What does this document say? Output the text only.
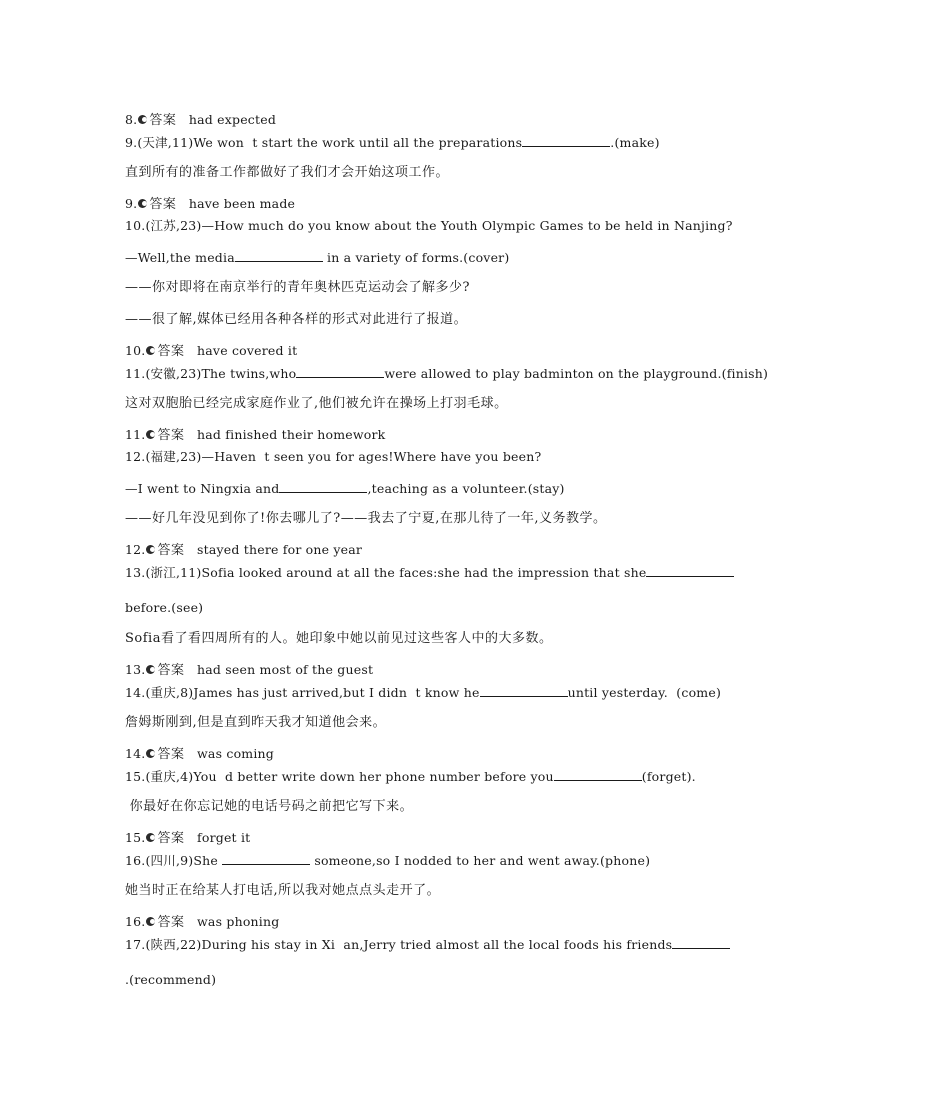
8. 答案 had expected
9.(天津,11)We won  t start the work until all the preparations	.(make)
直到所有的准备工作都做好了我们才会开始这项工作。
9. 答案 have been made
10.(江苏,23)—How much do you know about the Youth Olympic Games to be held in Nanjing?
—Well,the media	in a variety of forms.(cover)
——你对即将在南京举行的青年奥林匹克运动会了解多少?
——很了解,媒体已经用各种各样的形式对此进行了报道。
10. 答案 have covered it
11.(安徽,23)The twins,who	were allowed to play badminton on the playground.(finish)
这对双胞胎已经完成家庭作业了,他们被允许在操场上打羽毛球。
11. 答案 had finished their homework
12.(福建,23)—Haven  t seen you for ages!Where have you been?
—I went to Ningxia and	,teaching as a volunteer.(stay)
——好几年没见到你了!你去哪儿了?——我去了宁夏,在那儿待了一年,义务教学。
12. 答案 stayed there for one year
13.(浙江,11)Sofia looked around at all the faces:she had the impression that she
before.(see)
Sofia看了看四周所有的人。她印象中她以前见过这些客人中的大多数。
13. 答案 had seen most of the guest
14.(重庆,8)James has just arrived,but I didn  t know he	until yesterday.  (come)
詹姆斯刚到,但是直到昨天我才知道他会来。
14. 答案 was coming
15.(重庆,4)You  d better write down her phone number before you	(forget).
你最好在你忘记她的电话号码之前把它写下来。
15. 答案 forget it
16.(四川,9)She	someone,so I nodded to her and went away.(phone)
她当时正在给某人打电话,所以我对她点点头走开了。
16. 答案 was phoning
17.(陕西,22)During his stay in Xi  an,Jerry tried almost all the local foods his friends
.(recommend)
